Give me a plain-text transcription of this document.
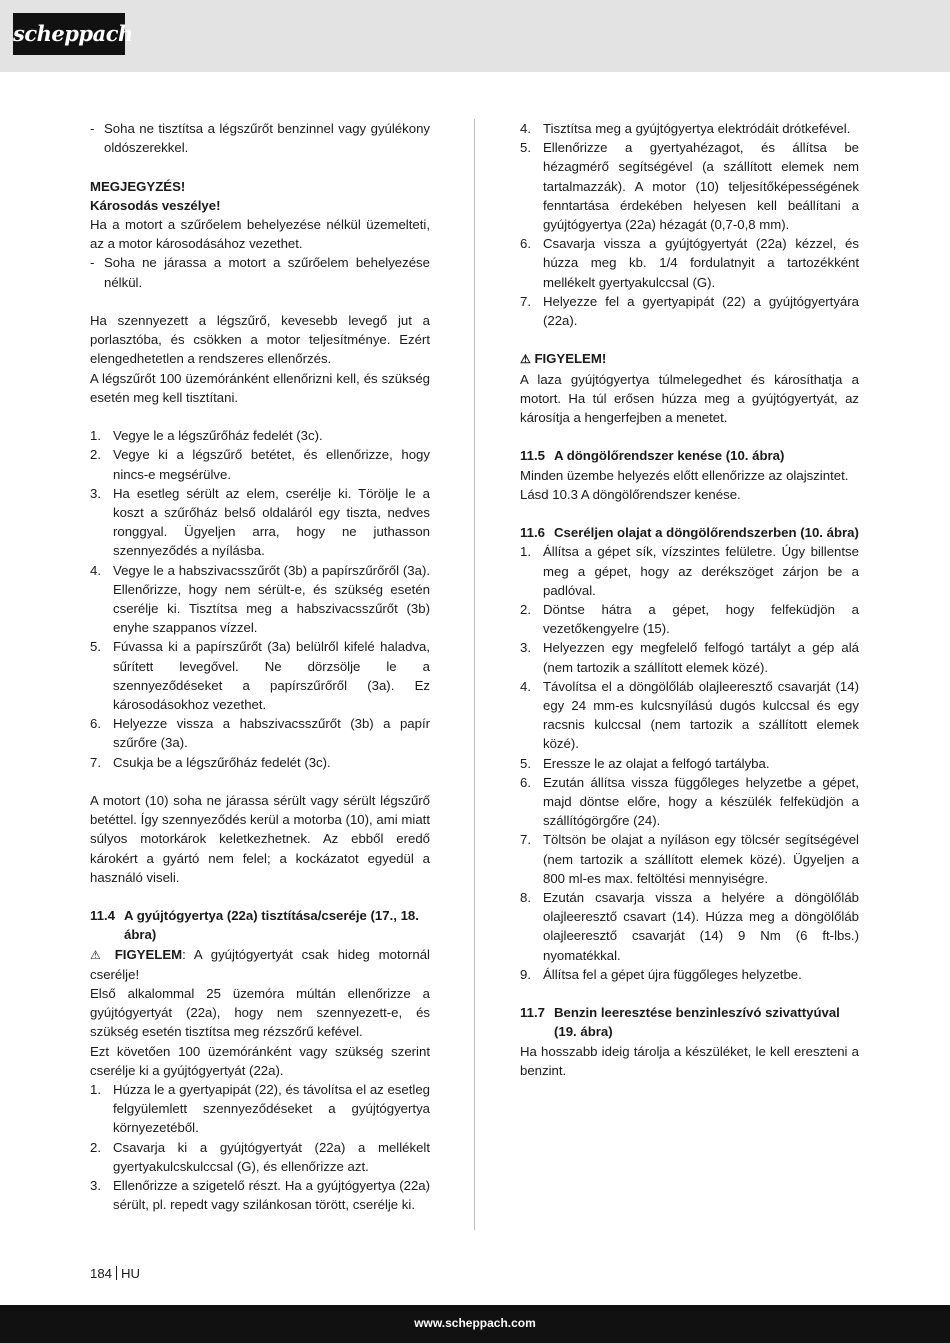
scheppach
- Soha ne tisztítsa a légszűrőt benzinnel vagy gyúlékony oldószerekkel.

MEGJEGYZÉS!

Károsodás veszélye!

Ha a motort a szűrőelem behelyezése nélkül üzemelteti, az a motor károsodásához vezethet.

- Soha ne járassa a motort a szűrőelem behelyezése nélkül.

Ha szennyezett a légszűrő, kevesebb levegő jut a porlasztóba, és csökken a motor teljesítménye. Ezért elengedhetetlen a rendszeres ellenőrzés.

A légszűrőt 100 üzemóránként ellenőrizni kell, és szükség esetén meg kell tisztítani.

1. Vegye le a légszűrőház fedelét (3c).
2. Vegye ki a légszűrő betétet, és ellenőrizze, hogy nincs-e megsérülve.
3. Ha esetleg sérült az elem, cserélje ki. Törölje le a koszt a szűrőház belső oldaláról egy tiszta, nedves ronggyal. Ügyeljen arra, hogy ne juthasson szennyeződés a nyílásba.
4. Vegye le a habszivacsszűrőt (3b) a papírszűrőről (3a). Ellenőrizze, hogy nem sérült-e, és szükség esetén cserélje ki. Tisztítsa meg a habszivacsszűrőt (3b) enyhe szappanos vízzel.
5. Fúvassa ki a papírszűrőt (3a) belülről kifelé haladva, sűrített levegővel. Ne dörzsölje le a szennyeződéseket a papírszűrőről (3a). Ez károsodásokhoz vezethet.
6. Helyezze vissza a habszivacsszűrőt (3b) a papír szűrőre (3a).
7. Csukja be a légszűrőház fedelét (3c).

A motort (10) soha ne járassa sérült vagy sérült légszűrő betéttel. Így szennyeződés kerül a motorba (10), ami miatt súlyos motorkárok keletkezhetnek. Az ebből eredő károkért a gyártó nem felel; a kockázatot egyedül a használó viseli.

11.4 A gyújtógyertya (22a) tisztítása/cseréje (17., 18. ábra)

⚠ FIGYELEM: A gyújtógyertyát csak hideg motornál cserélje!

Első alkalommal 25 üzemóra múltán ellenőrizze a gyújtógyertyát (22a), hogy nem szennyezett-e, és szükség esetén tisztítsa meg rézszőrű kefével.

Ezt követően 100 üzemóránként vagy szükség szerint cserélje ki a gyújtógyertyát (22a).

1. Húzza le a gyertyapipát (22), és távolítsa el az esetleg felgyülemlett szennyeződéseket a gyújtógyertya környezetéből.
2. Csavarja ki a gyújtógyertyát (22a) a mellékelt gyertyakulcskulccsal (G), és ellenőrizze azt.
3. Ellenőrizze a szigetelő részt. Ha a gyújtógyertya (22a) sérült, pl. repedt vagy szilánkosan törött, cserélje ki.
4. Tisztítsa meg a gyújtógyertya elektródáit drótkefével.
5. Ellenőrizze a gyertyahézagot, és állítsa be hézagmérő segítségével (a szállított elemek nem tartalmazzák). A motor (10) teljesítőképességének fenntartása érdekében helyesen kell beállítani a gyújtógyertya (22a) hézagát (0,7-0,8 mm).
6. Csavarja vissza a gyújtógyertyát (22a) kézzel, és húzza meg kb. 1/4 fordulatnyit a tartozékként mellékelt gyertyakulccsal (G).
7. Helyezze fel a gyertyapipát (22) a gyújtógyertyára (22a).

⚠ FIGYELEM!

A laza gyújtógyertya túlmelegedhet és károsíthatja a motort. Ha túl erősen húzza meg a gyújtógyertyát, az károsítja a hengerfejben a menetet.

11.5 A döngölőrendszer kenése (10. ábra)

Minden üzembe helyezés előtt ellenőrizze az olajszintet.

Lásd 10.3 A döngölőrendszer kenése.

11.6 Cseréljen olajat a döngölőrendszerben (10. ábra)
1. Állítsa a gépet sík, vízszintes felületre. Úgy billentse meg a gépet, hogy az derékszöget zárjon be a padlóval.
2. Döntse hátra a gépet, hogy felfeküdjön a vezetőkengyelre (15).
3. Helyezzen egy megfelelő felfogó tartályt a gép alá (nem tartozik a szállított elemek közé).
4. Távolítsa el a döngölőláb olajleeresztő csavarját (14) egy 24 mm-es kulcsnyílású dugós kulccsal és egy racsnis kulccsal (nem tartozik a szállított elemek közé).
5. Eressze le az olajat a felfogó tartályba.
6. Ezután állítsa vissza függőleges helyzetbe a gépet, majd döntse előre, hogy a készülék felfeküdjön a szállítógörgőre (24).
7. Töltsön be olajat a nyíláson egy tölcsér segítségével (nem tartozik a szállított elemek közé). Ügyeljen a 800 ml-es max. feltöltési mennyiségre.
8. Ezután csavarja vissza a helyére a döngölőláb olajleeresztő csavart (14). Húzza meg a döngölőláb olajleeresztő csavarját (14) 9 Nm (6 ft-lbs.) nyomatékkal.
9. Állítsa fel a gépet újra függőleges helyzetbe.
11.7 Benzin leeresztése benzinleszívó szivattyúval (19. ábra)

Ha hosszabb ideig tárolja a készüléket, le kell ereszteni a benzint.

184 HU
www.scheppach.com
